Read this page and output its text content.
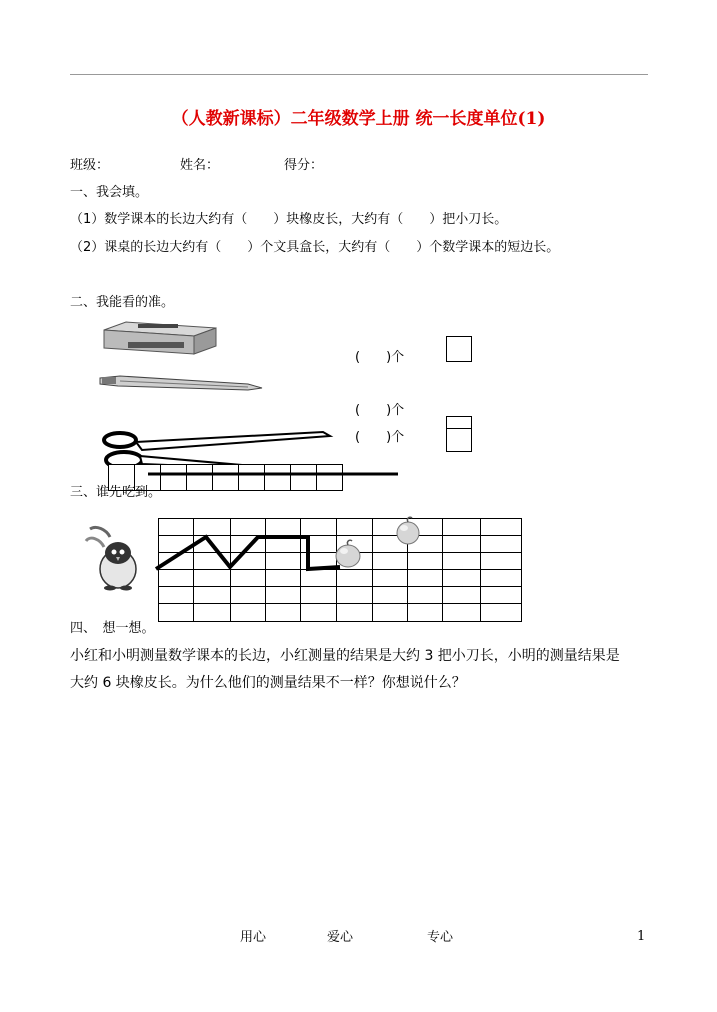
（人教新课标）二年级数学上册 统一长度单位(1)
班级：	姓名：	得分：
一、我会填。
（1）数学课本的长边大约有（　　）块橡皮长，大约有（　　）把小刀长。
（2）课桌的长边大约有（　　）个文具盒长，大约有（　　）个数学课本的短边长。
二、我能看的准。
(　　)个
(　　)个
(　　)个
三、谁先吃到。
四、　想一想。
小红和小明测量数学课本的长边，小红测量的结果是大约 3 把小刀长，小明的测量结果是
大约 6 块橡皮长。为什么他们的测量结果不一样？你想说什么？
用心	爱心	专心	1
